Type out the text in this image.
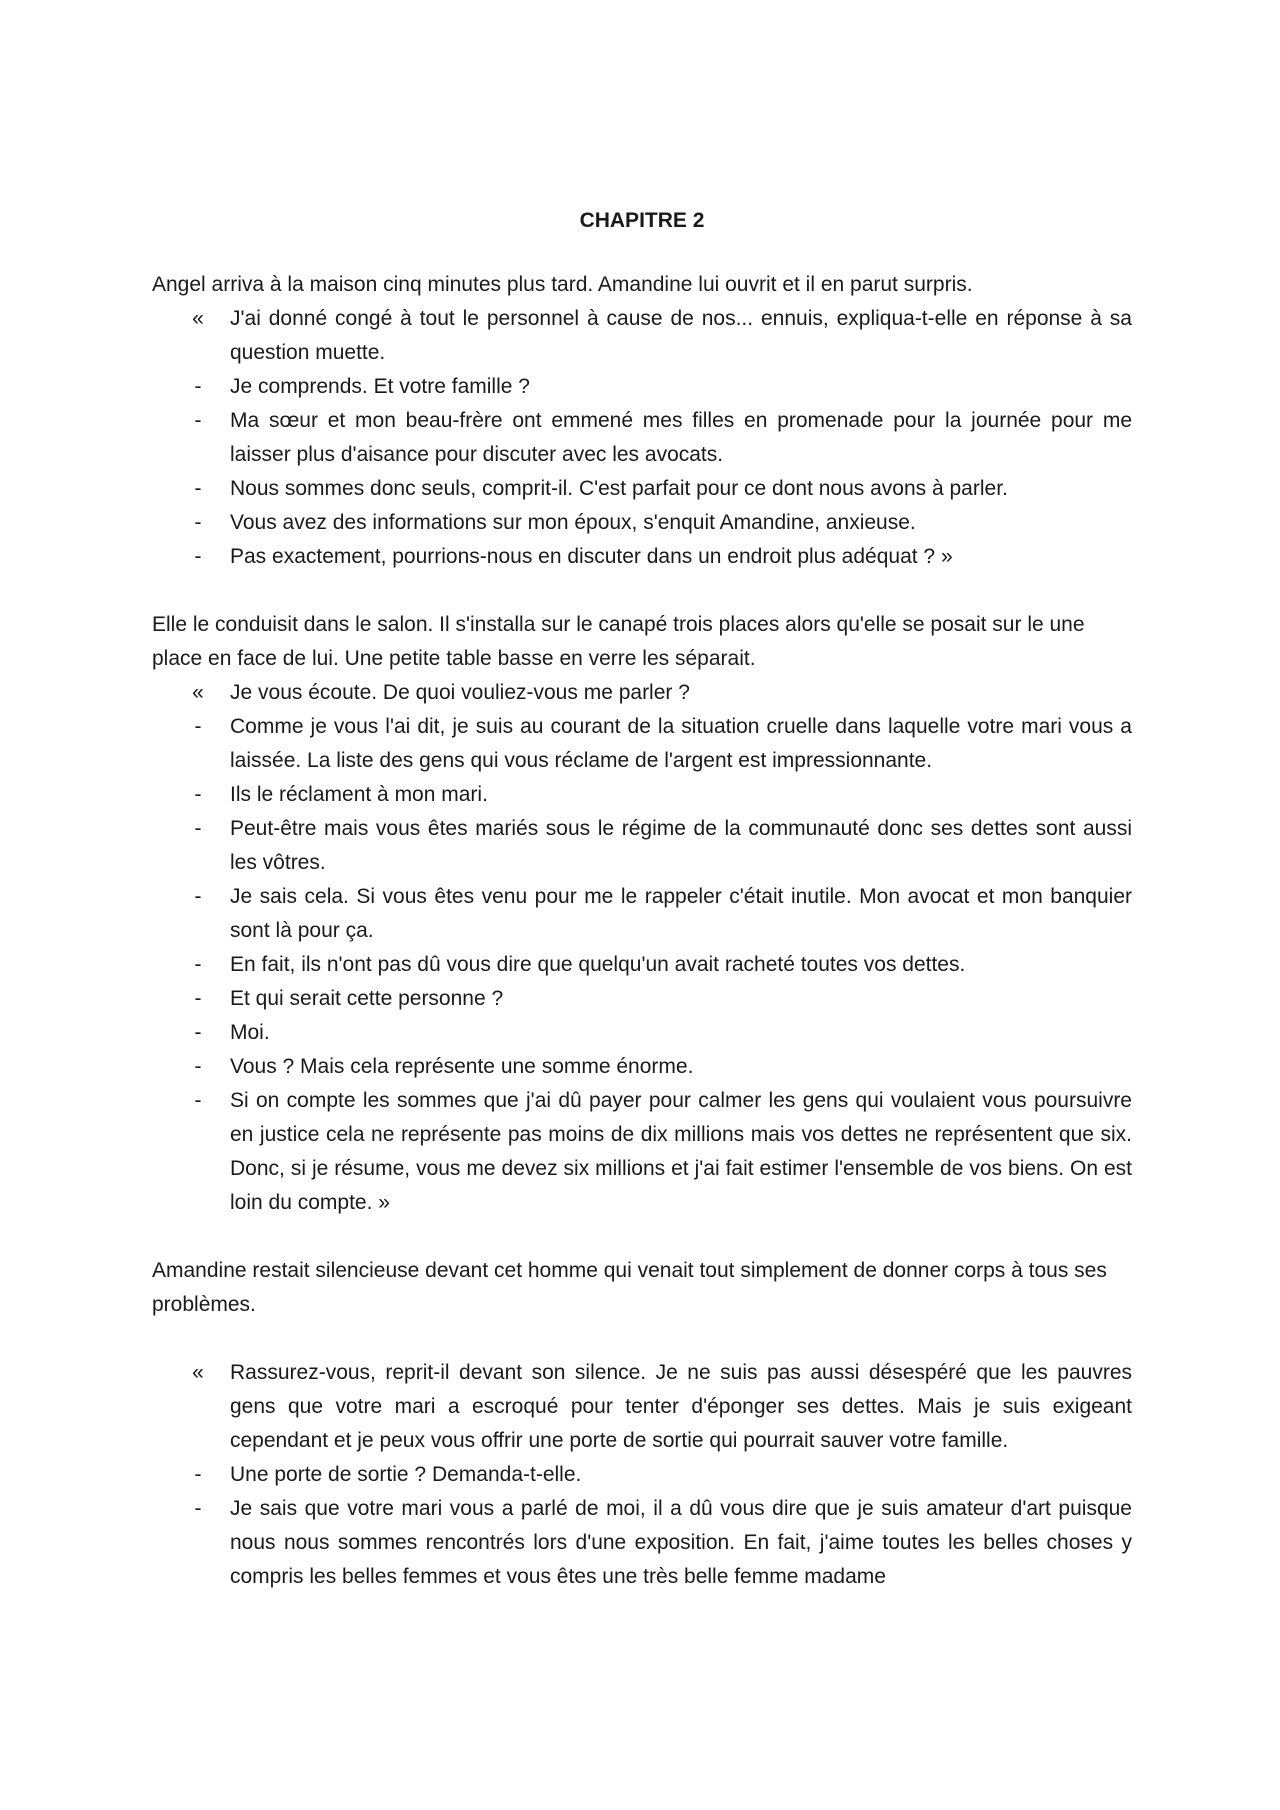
CHAPITRE 2

Angel arriva à la maison cinq minutes plus tard. Amandine lui ouvrit et il en parut surpris.

« J'ai donné congé à tout le personnel à cause de nos... ennuis, expliqua-t-elle en réponse à sa question muette.
-	Je comprends. Et votre famille ?
-	Ma sœur et mon beau-frère ont emmené mes filles en promenade pour la journée pour me laisser plus d'aisance pour discuter avec les avocats.
-	Nous sommes donc seuls, comprit-il. C'est parfait pour ce dont nous avons à parler.
-	Vous avez des informations sur mon époux, s'enquit Amandine, anxieuse.
-	Pas exactement, pourrions-nous en discuter dans un endroit plus adéquat ? »

Elle le conduisit dans le salon. Il s'installa sur le canapé trois places alors qu'elle se posait sur le une place en face de lui. Une petite table basse en verre les séparait.

« Je vous écoute. De quoi vouliez-vous me parler ?
-	Comme je vous l'ai dit, je suis au courant de la situation cruelle dans laquelle votre mari vous a laissée. La liste des gens qui vous réclame de l'argent est impressionnante.
-	Ils le réclament à mon mari.
-	Peut-être mais vous êtes mariés sous le régime de la communauté donc ses dettes sont aussi les vôtres.
-	Je sais cela. Si vous êtes venu pour me le rappeler c'était inutile. Mon avocat et mon banquier sont là pour ça.
-	En fait, ils n'ont pas dû vous dire que quelqu'un avait racheté toutes vos dettes.
-	Et qui serait cette personne ?
-	Moi.
-	Vous ? Mais cela représente une somme énorme.
-	Si on compte les sommes que j'ai dû payer pour calmer les gens qui voulaient vous poursuivre en justice cela ne représente pas moins de dix millions mais vos dettes ne représentent que six. Donc, si je résume, vous me devez six millions et j'ai fait estimer l'ensemble de vos biens. On est loin du compte. »

Amandine restait silencieuse devant cet homme qui venait tout simplement de donner corps à tous ses problèmes.

« Rassurez-vous, reprit-il devant son silence. Je ne suis pas aussi désespéré que les pauvres gens que votre mari a escroqué pour tenter d'éponger ses dettes. Mais je suis exigeant cependant et je peux vous offrir une porte de sortie qui pourrait sauver votre famille.
-	Une porte de sortie ? Demanda-t-elle.
-	Je sais que votre mari vous a parlé de moi, il a dû vous dire que je suis amateur d'art puisque nous nous sommes rencontrés lors d'une exposition. En fait, j'aime toutes les belles choses y compris les belles femmes et vous êtes une très belle femme madame
